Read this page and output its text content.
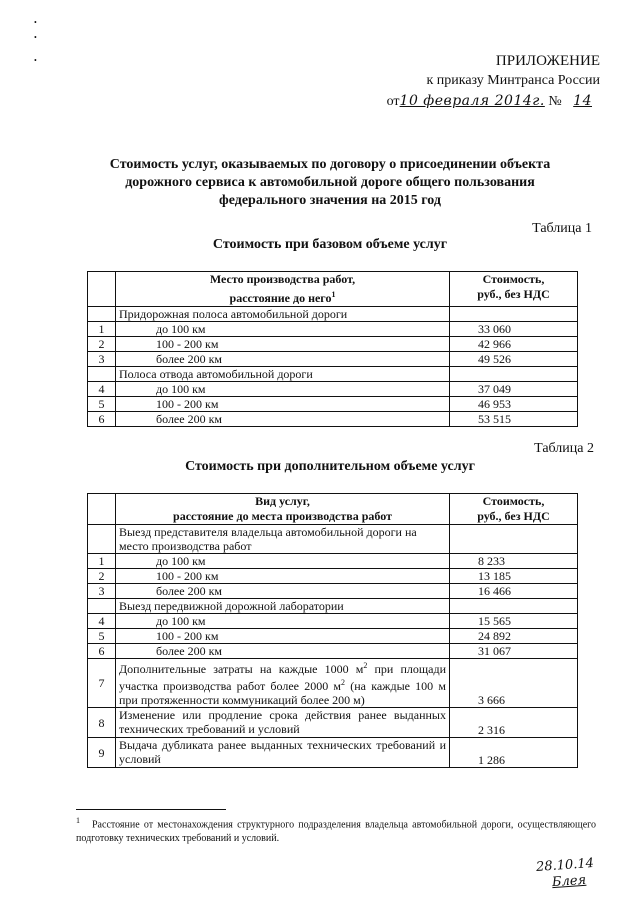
•
•
•	ПРИЛОЖЕНИЕ
к приказу Минтранса России
от10 февраля 2014г. № 14
Стоимость услуг, оказываемых по договору о присоединении объекта
дорожного сервиса к автомобильной дороге общего пользования
федерального значения на 2015 год
Таблица 1
Стоимость при базовом объеме услуг
	Место производства работ,
расстояние до него$^1$	Стоимость,
руб., без НДС
	Придорожная полоса автомобильной дороги	
1	до 100 км	33 060
2	100 - 200 км	42 966
3	более 200 км	49 526
	Полоса отвода автомобильной дороги	
4	до 100 км	37 049
5	100 - 200 км	46 953
6	более 200 км	53 515
Таблица 2
Стоимость при дополнительном объеме услуг
	Вид услуг,
расстояние до места производства работ	Стоимость,
руб., без НДС
	Выезд представителя владельца автомобильной дороги на место производства работ	
1	до 100 км	8 233
2	100 - 200 км	13 185
3	более 200 км	16 466
	Выезд передвижной дорожной лаборатории	
4	до 100 км	15 565
5	100 - 200 км	24 892
6	более 200 км	31 067
7	Дополнительные затраты на каждые 1000 $м^2$ при площади участка производства работ более 2000 $м^2$ (на каждые 100 м при протяженности коммуникаций более 200 м)	3 666
8	Изменение или продление срока действия ранее выданных технических требований и условий	2 316
9	Выдача дубликата ранее выданных технических требований и условий	1 286
$^1$ Расстояние от местонахождения структурного подразделения владельца автомобильной дороги, осуществляющего подготовку технических требований и условий.
28.10.14
Блея
